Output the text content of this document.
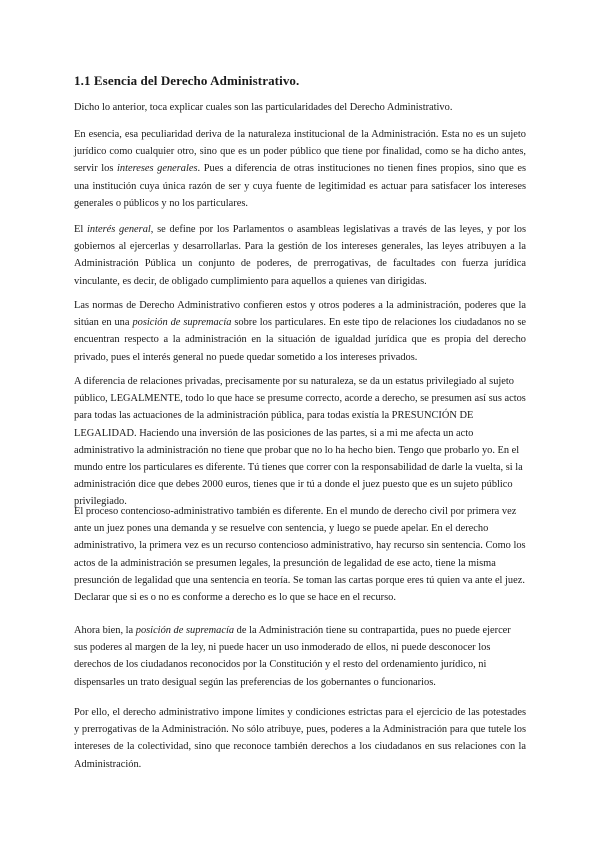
1.1 Esencia del Derecho Administrativo.

Dicho lo anterior, toca explicar cuales son las particularidades del Derecho Administrativo.

En esencia, esa peculiaridad deriva de la naturaleza institucional de la Administración. Esta no es un sujeto jurídico como cualquier otro, sino que es un poder público que tiene por finalidad, como se ha dicho antes, servir los intereses generales. Pues a diferencia de otras instituciones no tienen fines propios, sino que es una institución cuya única razón de ser y cuya fuente de legitimidad es actuar para satisfacer los intereses generales o públicos y no los particulares.

El interés general, se define por los Parlamentos o asambleas legislativas a través de las leyes, y por los gobiernos al ejercerlas y desarrollarlas. Para la gestión de los intereses generales, las leyes atribuyen a la Administración Pública un conjunto de poderes, de prerrogativas, de facultades con fuerza jurídica vinculante, es decir, de obligado cumplimiento para aquellos a quienes van dirigidas.

Las normas de Derecho Administrativo confieren estos y otros poderes a la administración, poderes que la sitúan en una posición de supremacía sobre los particulares. En este tipo de relaciones los ciudadanos no se encuentran respecto a la administración en la situación de igualdad jurídica que es propia del derecho privado, pues el interés general no puede quedar sometido a los intereses privados.

A diferencia de relaciones privadas, precisamente por su naturaleza, se da un estatus privilegiado al sujeto público, LEGALMENTE, todo lo que hace se presume correcto, acorde a derecho, se presumen así sus actos para todas las actuaciones de la administración pública, para todas existía la PRESUNCIÓN DE LEGALIDAD. Haciendo una inversión de las posiciones de las partes, si a mi me afecta un acto administrativo la administración no tiene que probar que no lo ha hecho bien. Tengo que probarlo yo. En el mundo entre los particulares es diferente. Tú tienes que correr con la responsabilidad de darle la vuelta, si la administración dice que debes 2000 euros, tienes que ir tú a donde el juez puesto que es un sujeto público privilegiado.

El proceso contencioso-administrativo también es diferente. En el mundo de derecho civil por primera vez ante un juez pones una demanda y se resuelve con sentencia, y luego se puede apelar. En el derecho administrativo, la primera vez es un recurso contencioso administrativo, hay recurso sin sentencia. Como los actos de la administración se presumen legales, la presunción de legalidad de ese acto, tiene la misma presunción de legalidad que una sentencia en teoría. Se toman las cartas porque eres tú quien va ante el juez. Declarar que si es o no es conforme a derecho es lo que se hace en el recurso.

Ahora bien, la posición de supremacía de la Administración tiene su contrapartida, pues no puede ejercer sus poderes al margen de la ley, ni puede hacer un uso inmoderado de ellos, ni puede desconocer los derechos de los ciudadanos reconocidos por la Constitución y el resto del ordenamiento jurídico, ni dispensarles un trato desigual según las preferencias de los gobernantes o funcionarios.

Por ello, el derecho administrativo impone límites y condiciones estrictas para el ejercicio de las potestades y prerrogativas de la Administración. No sólo atribuye, pues, poderes a la Administración para que tutele los intereses de la colectividad, sino que reconoce también derechos a los ciudadanos en sus relaciones con la Administración.
